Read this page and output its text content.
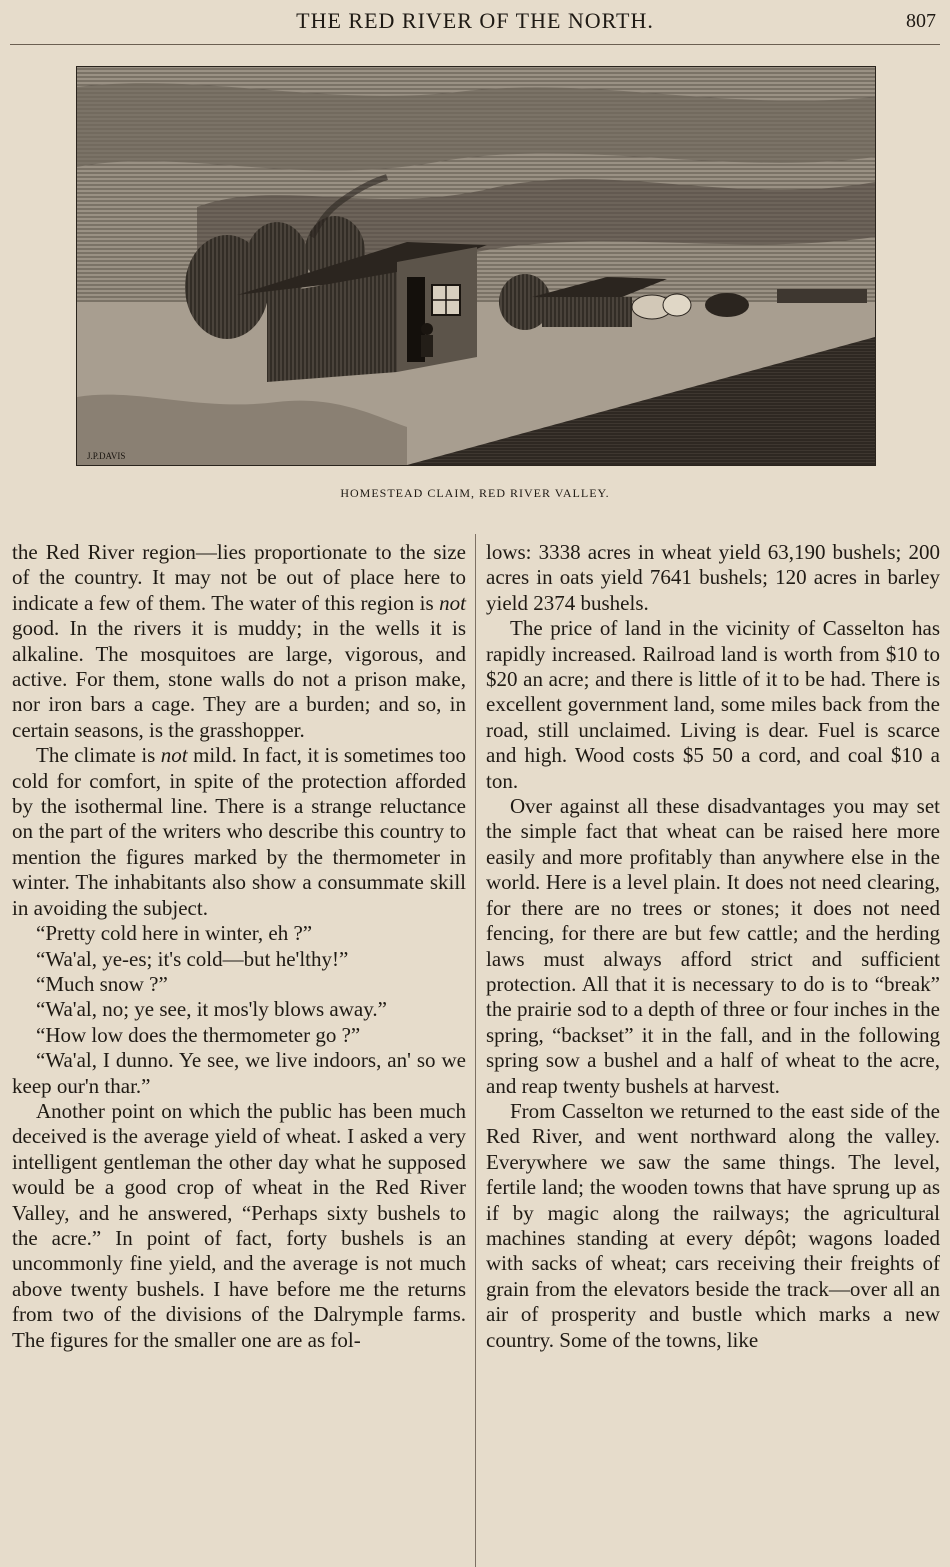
THE RED RIVER OF THE NORTH.	807
J.P.DAVIS
HOMESTEAD CLAIM, RED RIVER VALLEY.

the Red River region—lies proportionate to the size of the country. It may not be out of place here to indicate a few of them. The water of this region is not good. In the rivers it is muddy; in the wells it is alkaline. The mosquitoes are large, vigorous, and active. For them, stone walls do not a prison make, nor iron bars a cage. They are a burden; and so, in certain seasons, is the grasshopper.

The climate is not mild. In fact, it is sometimes too cold for comfort, in spite of the protection afforded by the isothermal line. There is a strange reluctance on the part of the writers who describe this country to mention the figures marked by the thermometer in winter. The inhabitants also show a consummate skill in avoiding the subject.

“Pretty cold here in winter, eh ?”

“Wa'al, ye-es; it's cold—but he'lthy!”

“Much snow ?”

“Wa'al, no; ye see, it mos'ly blows away.”

“How low does the thermometer go ?”

“Wa'al, I dunno. Ye see, we live indoors, an' so we keep our'n thar.”

Another point on which the public has been much deceived is the average yield of wheat. I asked a very intelligent gentleman the other day what he supposed would be a good crop of wheat in the Red River Valley, and he answered, “Perhaps sixty bushels to the acre.” In point of fact, forty bushels is an uncommonly fine yield, and the average is not much above twenty bushels. I have before me the returns from two of the divisions of the Dalrymple farms. The figures for the smaller one are as fol-

lows: 3338 acres in wheat yield 63,190 bushels; 200 acres in oats yield 7641 bushels; 120 acres in barley yield 2374 bushels.

The price of land in the vicinity of Casselton has rapidly increased. Railroad land is worth from $10 to $20 an acre; and there is little of it to be had. There is excellent government land, some miles back from the road, still unclaimed. Living is dear. Fuel is scarce and high. Wood costs $5 50 a cord, and coal $10 a ton.

Over against all these disadvantages you may set the simple fact that wheat can be raised here more easily and more profitably than anywhere else in the world. Here is a level plain. It does not need clearing, for there are no trees or stones; it does not need fencing, for there are but few cattle; and the herding laws must always afford strict and sufficient protection. All that it is necessary to do is to “break” the prairie sod to a depth of three or four inches in the spring, “backset” it in the fall, and in the following spring sow a bushel and a half of wheat to the acre, and reap twenty bushels at harvest.

From Casselton we returned to the east side of the Red River, and went northward along the valley. Everywhere we saw the same things. The level, fertile land; the wooden towns that have sprung up as if by magic along the railways; the agricultural machines standing at every dépôt; wagons loaded with sacks of wheat; cars receiving their freights of grain from the elevators beside the track—over all an air of prosperity and bustle which marks a new country. Some of the towns, like
